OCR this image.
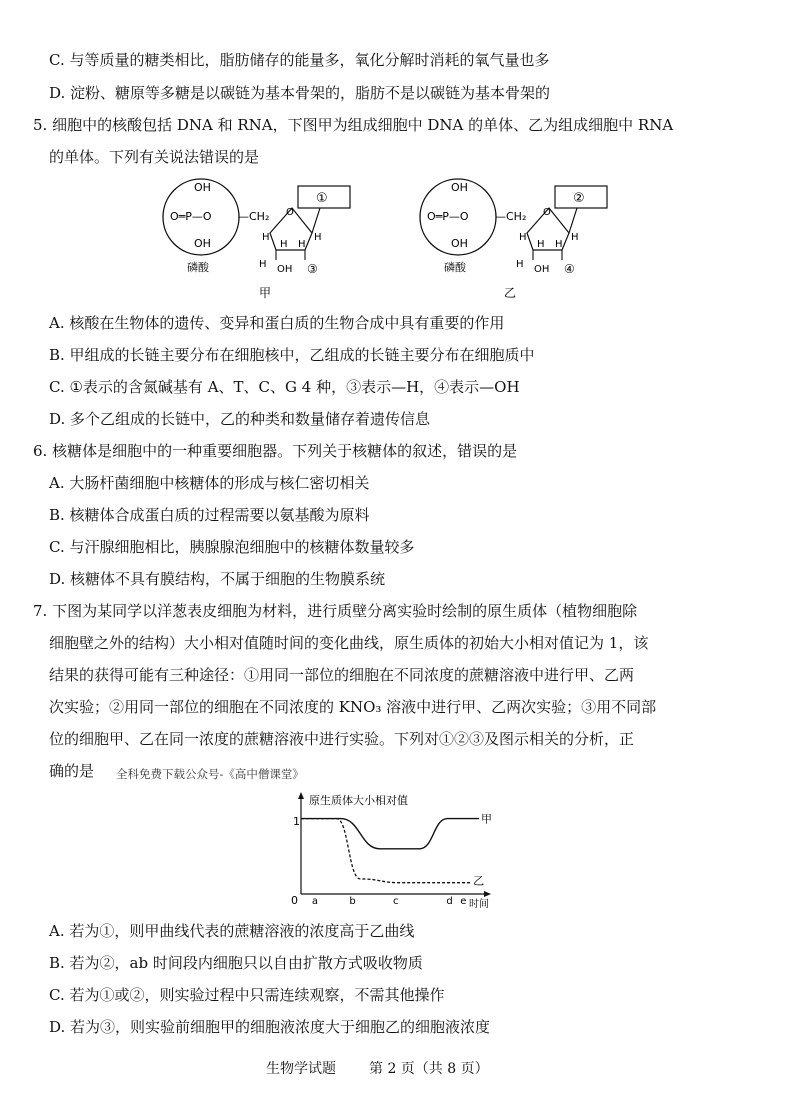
C. 与等质量的糖类相比，脂肪储存的能量多，氧化分解时消耗的氧气量也多
D. 淀粉、糖原等多糖是以碳链为基本骨架的，脂肪不是以碳链为基本骨架的
5. 细胞中的核酸包括 DNA 和 RNA，下图甲为组成细胞中 DNA 的单体、乙为组成细胞中 RNA
的单体。下列有关说法错误的是
OH
O═P—O
OH
磷酸
—CH₂ O
①
H	H
H H
H OH ③
甲
OH
O═P—O
OH
磷酸
—CH₂ O
②
H	H
H H
H OH ④
乙
A. 核酸在生物体的遗传、变异和蛋白质的生物合成中具有重要的作用
B. 甲组成的长链主要分布在细胞核中，乙组成的长链主要分布在细胞质中
C. ①表示的含氮碱基有 A、T、C、G 4 种，③表示—H，④表示—OH
D. 多个乙组成的长链中，乙的种类和数量储存着遗传信息
6. 核糖体是细胞中的一种重要细胞器。下列关于核糖体的叙述，错误的是
A. 大肠杆菌细胞中核糖体的形成与核仁密切相关
B. 核糖体合成蛋白质的过程需要以氨基酸为原料
C. 与汗腺细胞相比，胰腺腺泡细胞中的核糖体数量较多
D. 核糖体不具有膜结构，不属于细胞的生物膜系统
7. 下图为某同学以洋葱表皮细胞为材料，进行质壁分离实验时绘制的原生质体（植物细胞除
细胞壁之外的结构）大小相对值随时间的变化曲线，原生质体的初始大小相对值记为 1，该
结果的获得可能有三种途径：①用同一部位的细胞在不同浓度的蔗糖溶液中进行甲、乙两
次实验；②用同一部位的细胞在不同浓度的 KNO₃ 溶液中进行甲、乙两次实验；③用不同部
位的细胞甲、乙在同一浓度的蔗糖溶液中进行实验。下列对①②③及图示相关的分析，正
确的是 全科免费下载公众号-《高中僧课堂》
原生质体大小相对值
0
1
时间
a	b	c	d e
甲
乙
A. 若为①，则甲曲线代表的蔗糖溶液的浓度高于乙曲线
B. 若为②，ab 时间段内细胞只以自由扩散方式吸收物质
C. 若为①或②，则实验过程中只需连续观察，不需其他操作
D. 若为③，则实验前细胞甲的细胞液浓度大于细胞乙的细胞液浓度
生物学试题 第 2 页（共 8 页）
